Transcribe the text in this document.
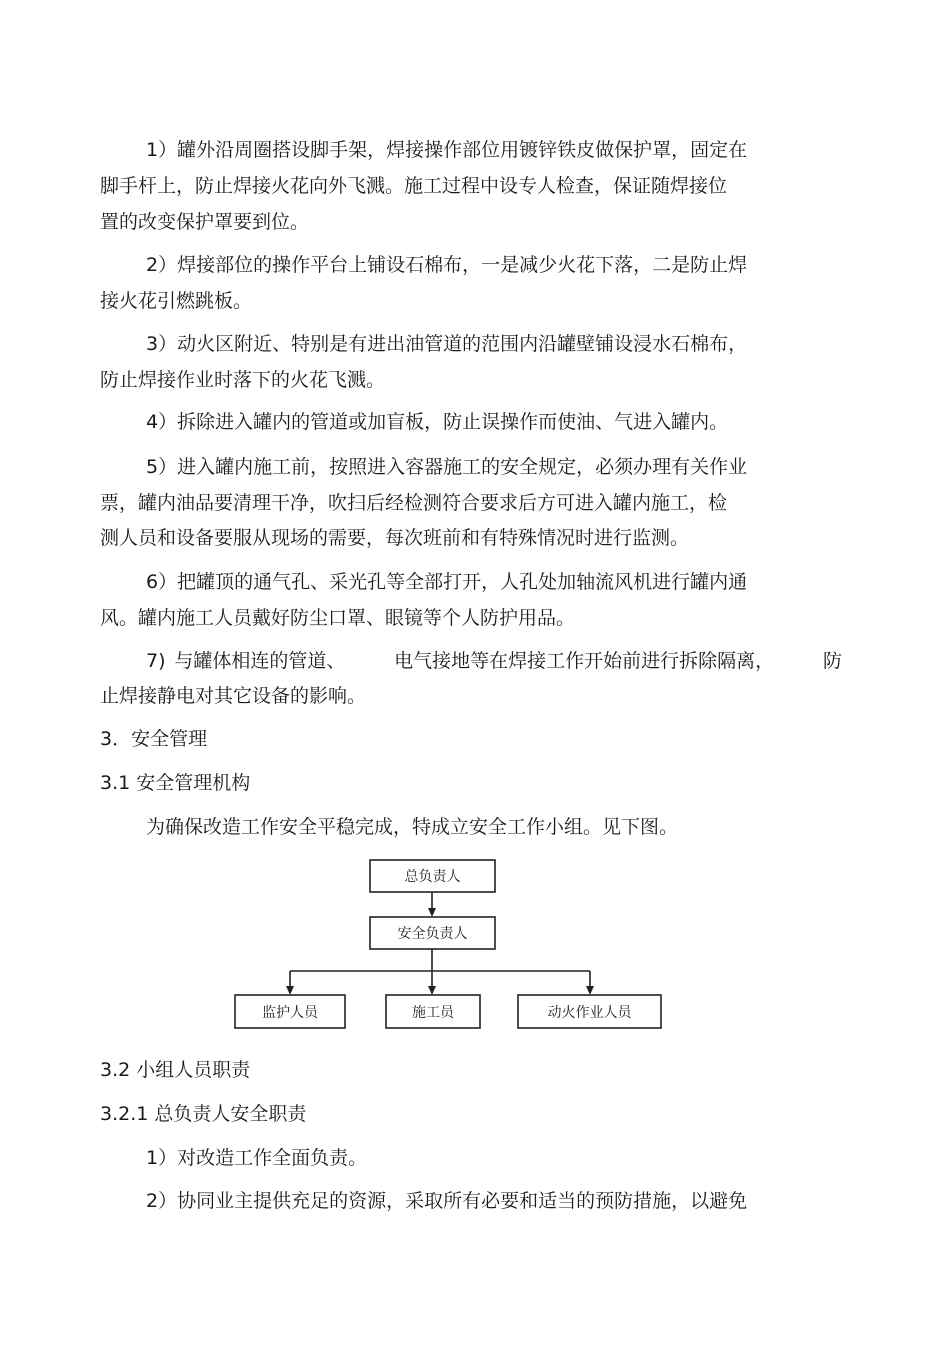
1）罐外沿周圈搭设脚手架，焊接操作部位用镀锌铁皮做保护罩，固定在

脚手杆上，防止焊接火花向外飞溅。施工过程中设专人检查，保证随焊接位

置的改变保护罩要到位。

2）焊接部位的操作平台上铺设石棉布，一是减少火花下落，二是防止焊

接火花引燃跳板。

3）动火区附近、特别是有进出油管道的范围内沿罐壁铺设浸水石棉布，

防止焊接作业时落下的火花飞溅。

4）拆除进入罐内的管道或加盲板，防止误操作而使油、气进入罐内。

5）进入罐内施工前，按照进入容器施工的安全规定，必须办理有关作业

票，罐内油品要清理干净，吹扫后经检测符合要求后方可进入罐内施工，检

测人员和设备要服从现场的需要，每次班前和有特殊情况时进行监测。

6）把罐顶的通气孔、采光孔等全部打开，人孔处加轴流风机进行罐内通

风。罐内施工人员戴好防尘口罩、眼镜等个人防护用品。

7) 与罐体相连的管道、	电气接地等在焊接工作开始前进行拆除隔离，	防

止焊接静电对其它设备的影响。

3．安全管理

3.1 安全管理机构

为确保改造工作安全平稳完成，特成立安全工作小组。见下图。

总负责人
安全负责人
监护人员	施工员	动火作业人员

3.2 小组人员职责

3.2.1 总负责人安全职责

1）对改造工作全面负责。

2）协同业主提供充足的资源，采取所有必要和适当的预防措施，以避免
